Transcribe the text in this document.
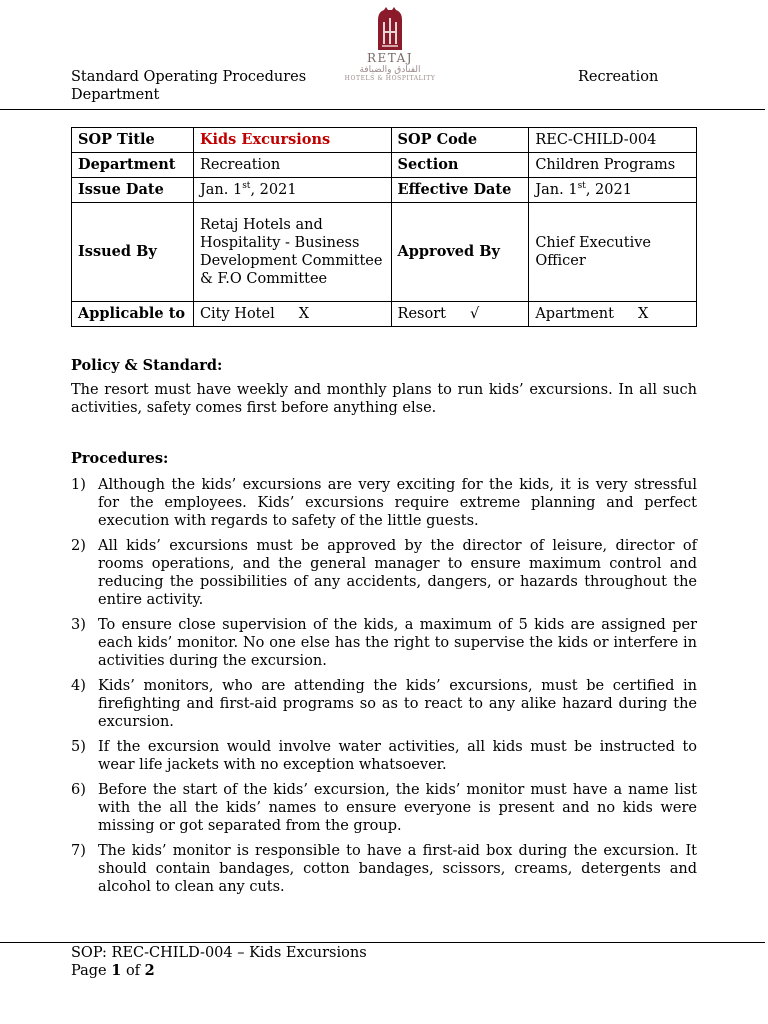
Standard Operating Procedures
Department
RETAJ
الفنادق والضيافة
HOTELS & HOSPITALITY	Recreation
SOP Title	Kids Excursions	SOP Code	REC-CHILD-004
Department	Recreation	Section	Children Programs
Issue Date	Jan. 1st, 2021	Effective Date	Jan. 1st, 2021
Issued By	Retaj Hotels and Hospitality - Business Development Committee & F.O Committee	Approved By	Chief Executive Officer
Applicable to	City Hotel X	Resort √	Apartment X
Policy & Standard:

The resort must have weekly and monthly plans to run kids’ excursions. In all such activities, safety comes first before anything else.

Procedures:
1) Although the kids’ excursions are very exciting for the kids, it is very stressful for the employees. Kids’ excursions require extreme planning and perfect execution with regards to safety of the little guests.
2) All kids’ excursions must be approved by the director of leisure, director of rooms operations, and the general manager to ensure maximum control and reducing the possibilities of any accidents, dangers, or hazards throughout the entire activity.
3) To ensure close supervision of the kids, a maximum of 5 kids are assigned per each kids’ monitor. No one else has the right to supervise the kids or interfere in activities during the excursion.
4) Kids’ monitors, who are attending the kids’ excursions, must be certified in firefighting and first-aid programs so as to react to any alike hazard during the excursion.
5) If the excursion would involve water activities, all kids must be instructed to wear life jackets with no exception whatsoever.
6) Before the start of the kids’ excursion, the kids’ monitor must have a name list with the all the kids’ names to ensure everyone is present and no kids were missing or got separated from the group.
7) The kids’ monitor is responsible to have a first-aid box during the excursion. It should contain bandages, cotton bandages, scissors, creams, detergents and alcohol to clean any cuts.
SOP: REC-CHILD-004 – Kids Excursions
Page 1 of 2
